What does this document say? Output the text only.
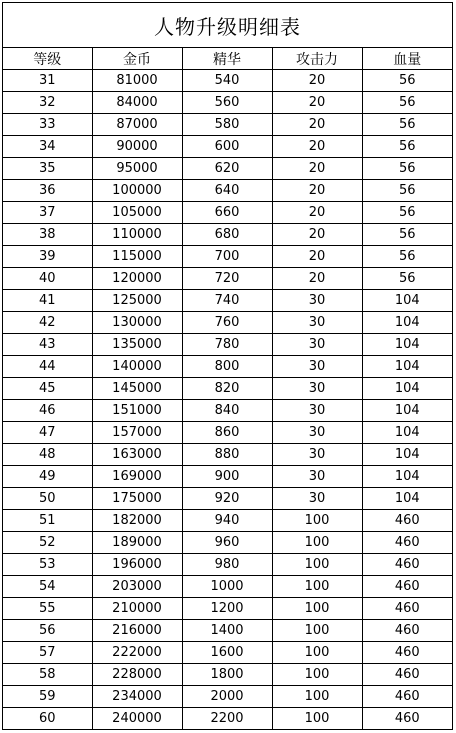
人物升级明细表
等级	金币	精华	攻击力	血量
31	81000	540	20	56
32	84000	560	20	56
33	87000	580	20	56
34	90000	600	20	56
35	95000	620	20	56
36	100000	640	20	56
37	105000	660	20	56
38	110000	680	20	56
39	115000	700	20	56
40	120000	720	20	56
41	125000	740	30	104
42	130000	760	30	104
43	135000	780	30	104
44	140000	800	30	104
45	145000	820	30	104
46	151000	840	30	104
47	157000	860	30	104
48	163000	880	30	104
49	169000	900	30	104
50	175000	920	30	104
51	182000	940	100	460
52	189000	960	100	460
53	196000	980	100	460
54	203000	1000	100	460
55	210000	1200	100	460
56	216000	1400	100	460
57	222000	1600	100	460
58	228000	1800	100	460
59	234000	2000	100	460
60	240000	2200	100	460
